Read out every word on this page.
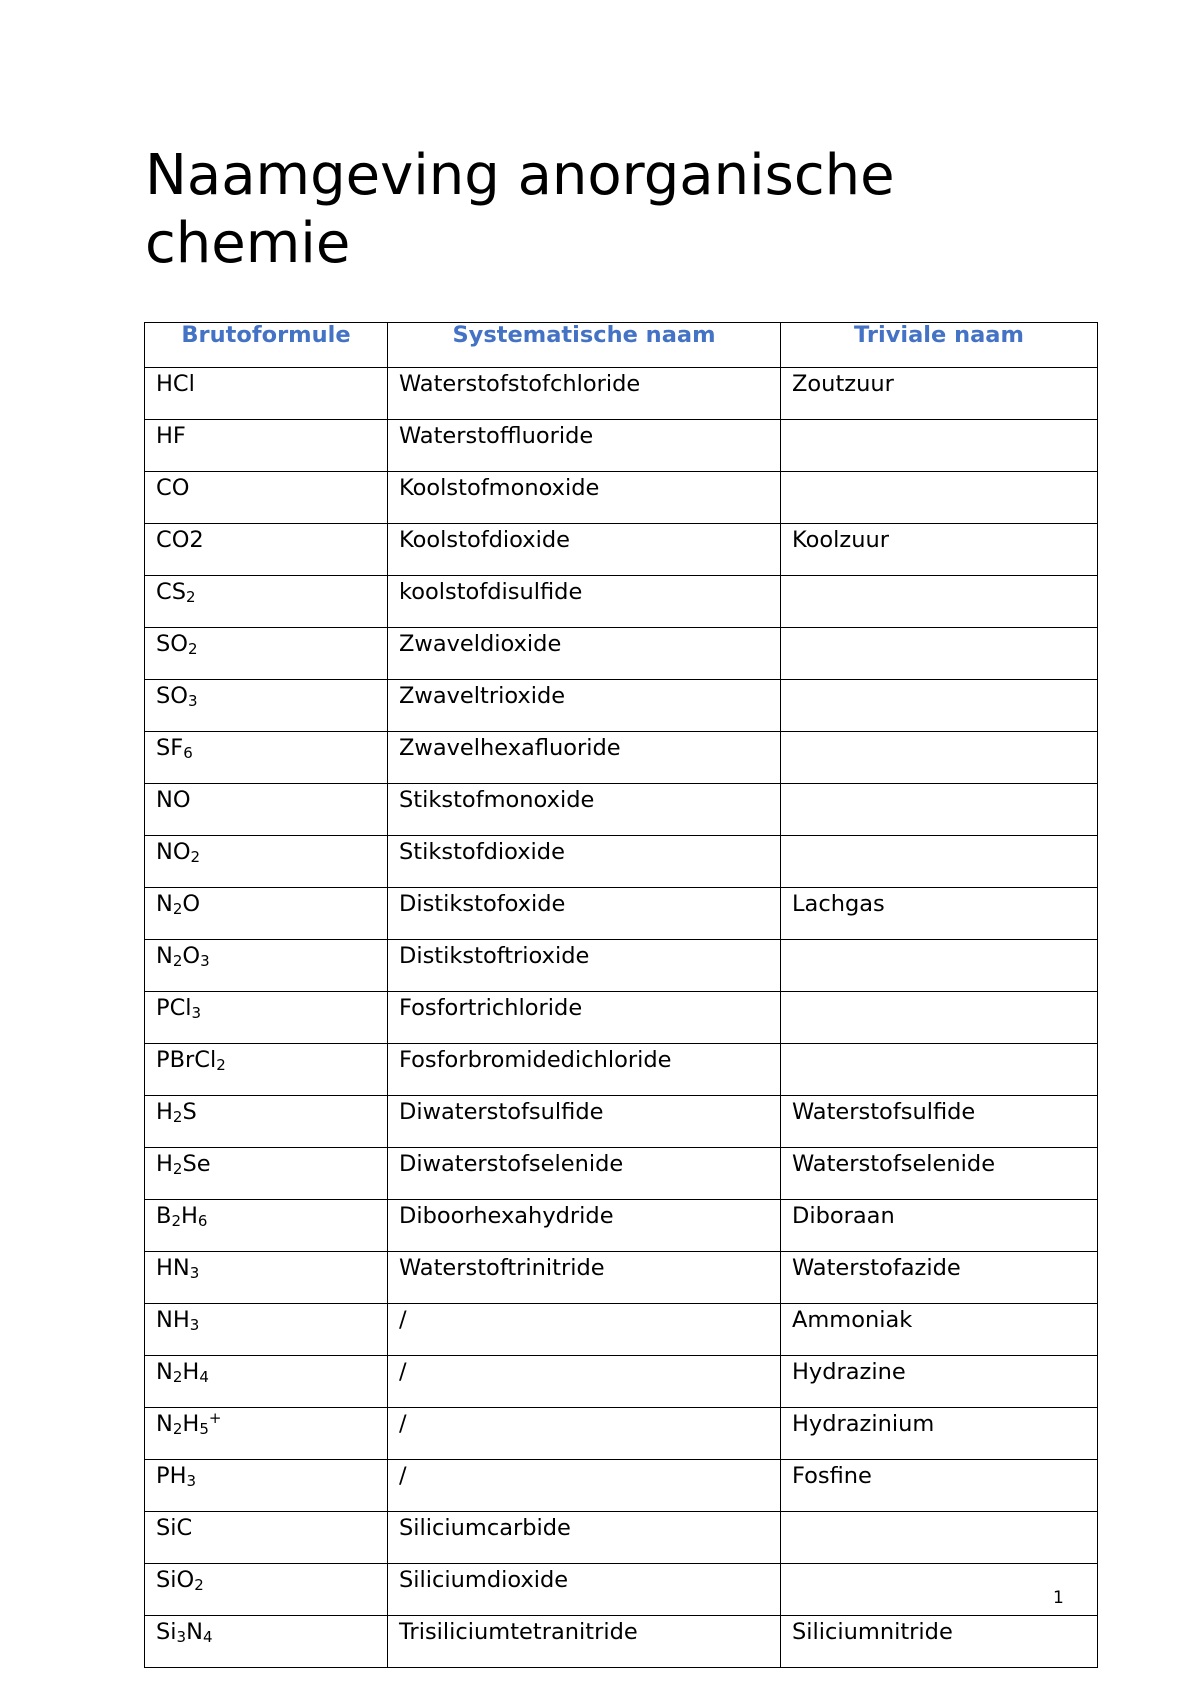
Naamgeving anorganische chemie
Brutoformule	Systematische naam	Triviale naam
HCl	Waterstofstofchloride	Zoutzuur
HF	Waterstoffluoride	
CO	Koolstofmonoxide	
CO2	Koolstofdioxide	Koolzuur
$CS_2$	koolstofdisulfide	
$SO_2$	Zwaveldioxide	
$SO_3$	Zwaveltrioxide	
$SF_6$	Zwavelhexafluoride	
NO	Stikstofmonoxide	
$NO_2$	Stikstofdioxide	
$N_2O$	Distikstofoxide	Lachgas
$N_2O_3$	Distikstoftrioxide	
PCl$_3$	Fosfortrichloride	
PBrCl$_2$	Fosforbromidedichloride	
$H_2S$	Diwaterstofsulfide	Waterstofsulfide
$H_2Se$	Diwaterstofselenide	Waterstofselenide
$B_2H_6$	Diboorhexahydride	Diboraan
$HN_3$	Waterstoftrinitride	Waterstofazide
$NH_3$	/	Ammoniak
$N_2H_4$	/	Hydrazine
$N_2H_5^+$	/	Hydrazinium
$PH_3$	/	Fosfine
SiC	Siliciumcarbide	
SiO$_2$	Siliciumdioxide	
$Si_3N_4$	Trisiliciumtetranitride	Siliciumnitride
1
